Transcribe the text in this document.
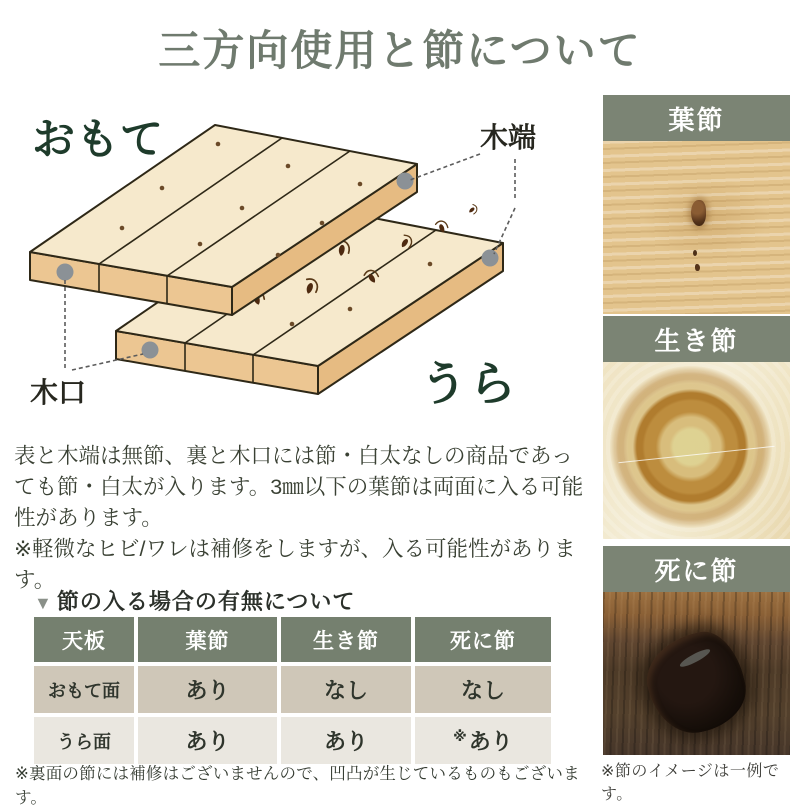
三方向使用と節について
おもて	木端
木口	うら
表と木端は無節、裏と木口には節・白太なしの商品であっても節・白太が入ります。3㎜以下の葉節は両面に入る可能性があります。
※軽微なヒビ/ワレは補修をしますが、入る可能性があります。
▼ 節の入る場合の有無について
天板	葉節	生き節	死に節
おもて面	あり	なし	なし
うら面	あり	あり	※あり
※裏面の節には補修はございませんので、凹凸が生じているものもございます。
葉節
生き節
死に節
※節のイメージは一例です。
